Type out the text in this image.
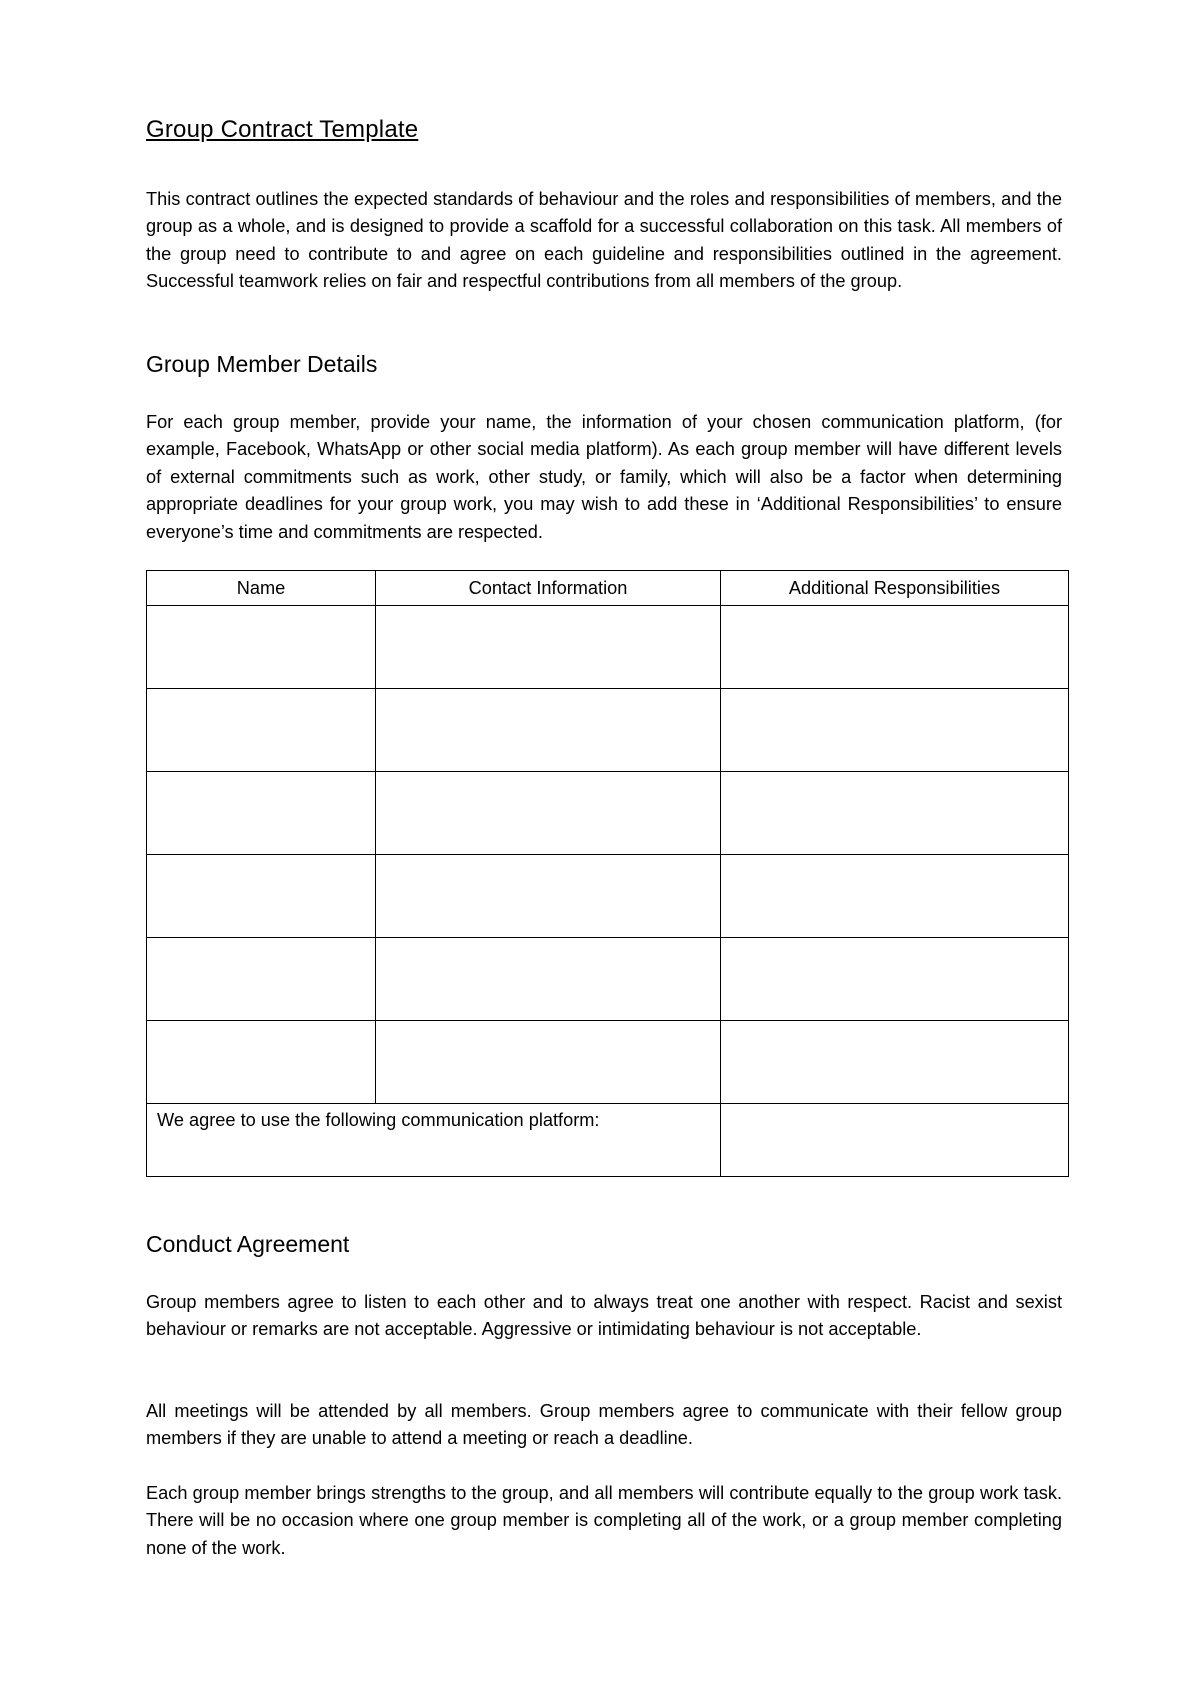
Group Contract Template
This contract outlines the expected standards of behaviour and the roles and responsibilities of members, and the group as a whole, and is designed to provide a scaffold for a successful collaboration on this task. All members of the group need to contribute to and agree on each guideline and responsibilities outlined in the agreement. Successful teamwork relies on fair and respectful contributions from all members of the group.
Group Member Details
For each group member, provide your name, the information of your chosen communication platform, (for example, Facebook, WhatsApp or other social media platform). As each group member will have different levels of external commitments such as work, other study, or family, which will also be a factor when determining appropriate deadlines for your group work, you may wish to add these in ‘Additional Responsibilities’ to ensure everyone’s time and commitments are respected.
Name	Contact Information	Additional Responsibilities

We agree to use the following communication platform:		
Conduct Agreement
Group members agree to listen to each other and to always treat one another with respect. Racist and sexist behaviour or remarks are not acceptable. Aggressive or intimidating behaviour is not acceptable.
All meetings will be attended by all members. Group members agree to communicate with their fellow group members if they are unable to attend a meeting or reach a deadline.
Each group member brings strengths to the group, and all members will contribute equally to the group work task. There will be no occasion where one group member is completing all of the work, or a group member completing none of the work.
